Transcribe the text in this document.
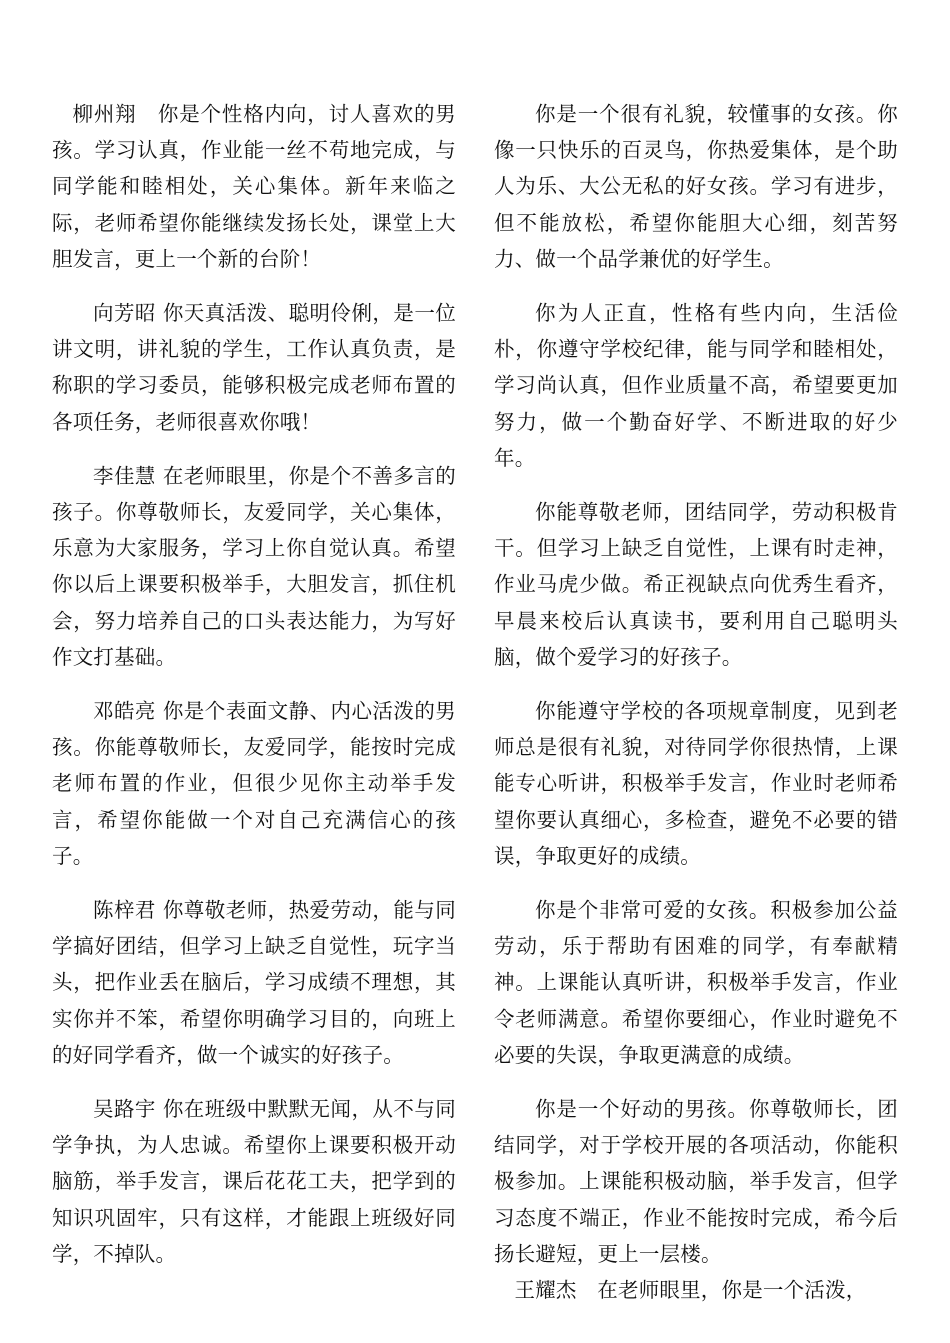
柳州翔　你是个性格内向，讨人喜欢的男孩。学习认真，作业能一丝不苟地完成，与同学能和睦相处，关心集体。新年来临之际，老师希望你能继续发扬长处，课堂上大胆发言，更上一个新的台阶！

向芳昭 你天真活泼、聪明伶俐，是一位讲文明，讲礼貌的学生，工作认真负责，是称职的学习委员，能够积极完成老师布置的各项任务，老师很喜欢你哦！

李佳慧 在老师眼里，你是个不善多言的孩子。你尊敬师长，友爱同学，关心集体，乐意为大家服务，学习上你自觉认真。希望你以后上课要积极举手，大胆发言，抓住机会，努力培养自己的口头表达能力，为写好作文打基础。

邓皓亮 你是个表面文静、内心活泼的男孩。你能尊敬师长，友爱同学，能按时完成老师布置的作业，但很少见你主动举手发言，希望你能做一个对自己充满信心的孩子。

陈梓君 你尊敬老师，热爱劳动，能与同学搞好团结，但学习上缺乏自觉性，玩字当头，把作业丢在脑后，学习成绩不理想，其实你并不笨，希望你明确学习目的，向班上的好同学看齐，做一个诚实的好孩子。

吴路宇 你在班级中默默无闻，从不与同学争执，为人忠诚。希望你上课要积极开动脑筋，举手发言，课后花花工夫，把学到的知识巩固牢，只有这样，才能跟上班级好同学，不掉队。

你是一个很有礼貌，较懂事的女孩。你像一只快乐的百灵鸟，你热爱集体，是个助人为乐、大公无私的好女孩。学习有进步，但不能放松，希望你能胆大心细，刻苦努力、做一个品学兼优的好学生。

你为人正直，性格有些内向，生活俭朴，你遵守学校纪律，能与同学和睦相处，学习尚认真，但作业质量不高，希望要更加努力，做一个勤奋好学、不断进取的好少年。

你能尊敬老师，团结同学，劳动积极肯干。但学习上缺乏自觉性，上课有时走神，作业马虎少做。希正视缺点向优秀生看齐，早晨来校后认真读书，要利用自己聪明头脑，做个爱学习的好孩子。

你能遵守学校的各项规章制度，见到老师总是很有礼貌，对待同学你很热情，上课能专心听讲，积极举手发言，作业时老师希望你要认真细心，多检查，避免不必要的错误，争取更好的成绩。

你是个非常可爱的女孩。积极参加公益劳动，乐于帮助有困难的同学，有奉献精神。上课能认真听讲，积极举手发言，作业令老师满意。希望你要细心，作业时避免不必要的失误，争取更满意的成绩。

你是一个好动的男孩。你尊敬师长，团结同学，对于学校开展的各项活动，你能积极参加。上课能积极动脑，举手发言，但学习态度不端正，作业不能按时完成，希今后扬长避短，更上一层楼。

王耀杰　在老师眼里，你是一个活泼，
